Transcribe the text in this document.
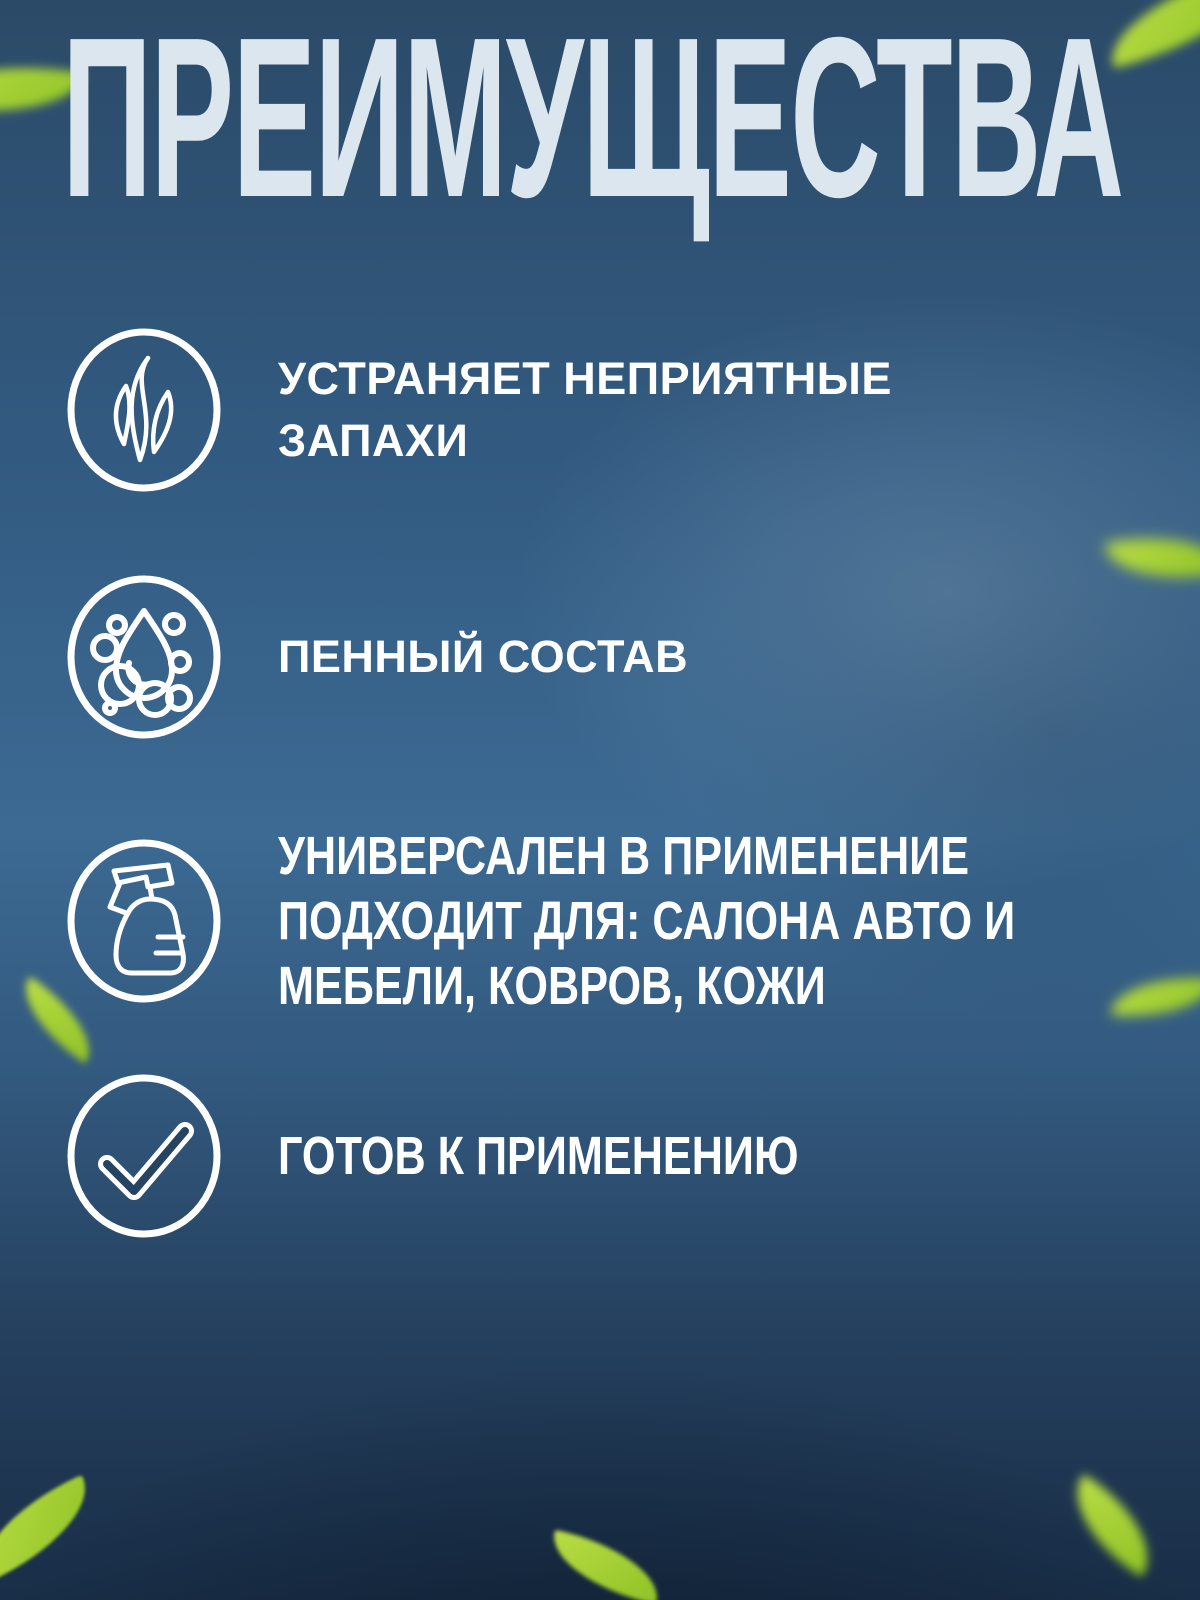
ПРЕИМУЩЕСТВА
УСТРАНЯЕТ НЕПРИЯТНЫЕ
ЗАПАХИ
ПЕННЫЙ СОСТАВ
УНИВЕРСАЛЕН В ПРИМЕНЕНИЕ
ПОДХОДИТ ДЛЯ: САЛОНА АВТО И
МЕБЕЛИ, КОВРОВ, КОЖИ
ГОТОВ К ПРИМЕНЕНИЮ
